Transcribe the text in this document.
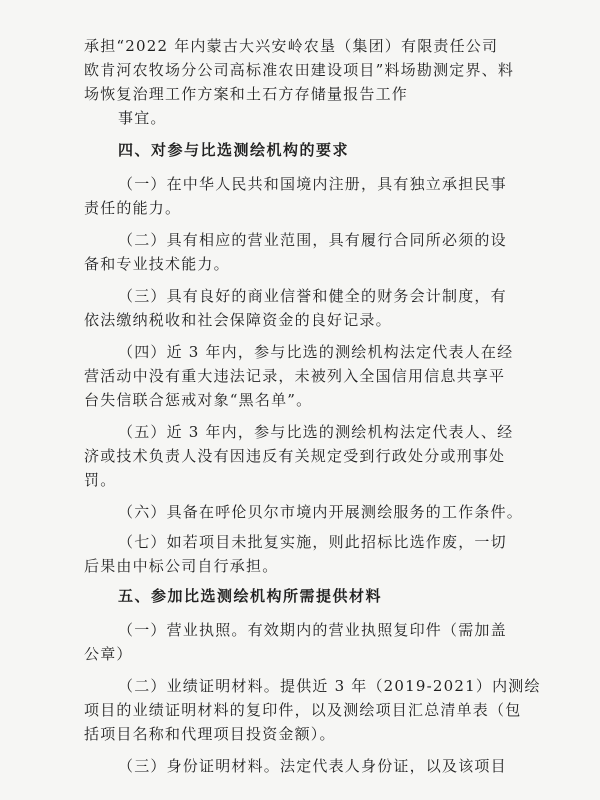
承担“2022 年内蒙古大兴安岭农垦（集团）有限责任公司
欧肯河农牧场分公司高标准农田建设项目”料场勘测定界、料
场恢复治理工作方案和土石方存储量报告工作
事宜。
四、对参与比选测绘机构的要求
（一）在中华人民共和国境内注册，具有独立承担民事
责任的能力。
（二）具有相应的营业范围，具有履行合同所必须的设
备和专业技术能力。
（三）具有良好的商业信誉和健全的财务会计制度，有
依法缴纳税收和社会保障资金的良好记录。
（四）近 3 年内，参与比选的测绘机构法定代表人在经
营活动中没有重大违法记录，未被列入全国信用信息共享平
台失信联合惩戒对象“黑名单”。
（五）近 3 年内，参与比选的测绘机构法定代表人、经
济或技术负责人没有因违反有关规定受到行政处分或刑事处
罚。
（六）具备在呼伦贝尔市境内开展测绘服务的工作条件。
（七）如若项目未批复实施，则此招标比选作废，一切
后果由中标公司自行承担。
五、参加比选测绘机构所需提供材料
（一）营业执照。有效期内的营业执照复印件（需加盖
公章）
（二）业绩证明材料。提供近 3 年（2019-2021）内测绘
项目的业绩证明材料的复印件，以及测绘项目汇总清单表（包
括项目名称和代理项目投资金额）。
（三）身份证明材料。法定代表人身份证，以及该项目
